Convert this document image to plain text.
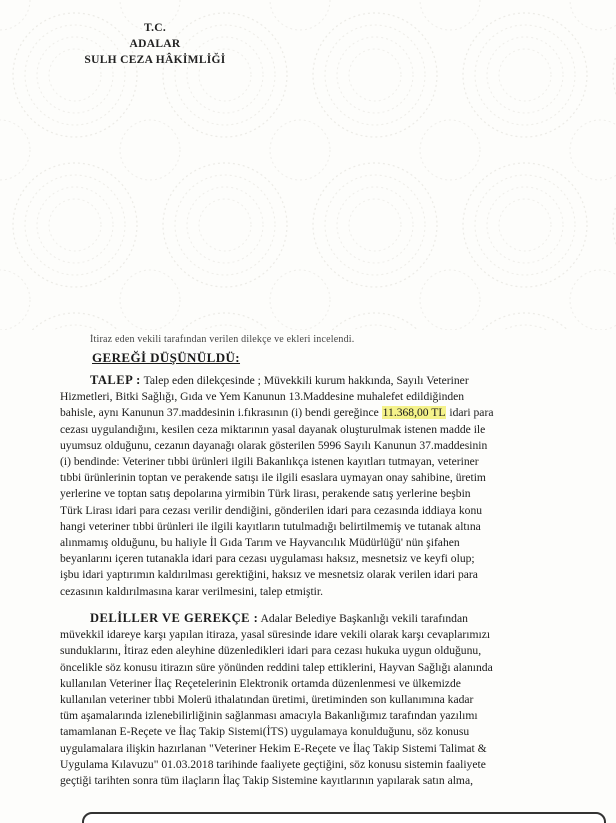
T.C.
ADALAR
SULH CEZA HÂKİMLİĞİ
İtiraz eden vekili tarafından verilen dilekçe ve ekleri incelendi.
GEREĞİ DÜŞÜNÜLDÜ:
TALEP : Talep eden dilekçesinde ; Müvekkili kurum hakkında, Sayılı Veteriner
Hizmetleri, Bitki Sağlığı, Gıda ve Yem Kanunun 13.Maddesine muhalefet edildiğinden
bahisle, aynı Kanunun 37.maddesinin i.fıkrasının (i) bendi gereğince 11.368,00 TL idari para
cezası uygulandığını, kesilen ceza miktarının yasal dayanak oluşturulmak istenen madde ile
uyumsuz olduğunu, cezanın dayanağı olarak gösterilen 5996 Sayılı Kanunun 37.maddesinin
(i) bendinde: Veteriner tıbbi ürünleri ilgili Bakanlıkça istenen kayıtları tutmayan, veteriner
tıbbi ürünlerinin toptan ve perakende satışı ile ilgili esaslara uymayan onay sahibine, üretim
yerlerine ve toptan satış depolarına yirmibin Türk lirası, perakende satış yerlerine beşbin
Türk Lirası idari para cezası verilir dendiğini, gönderilen idari para cezasında iddiaya konu
hangi veteriner tıbbi ürünleri ile ilgili kayıtların tutulmadığı belirtilmemiş ve tutanak altına
alınmamış olduğunu, bu haliyle İl Gıda Tarım ve Hayvancılık Müdürlüğü' nün şifahen
beyanlarını içeren tutanakla idari para cezası uygulaması haksız, mesnetsiz ve keyfi olup;
işbu idari yaptırımın kaldırılması gerektiğini, haksız ve mesnetsiz olarak verilen idari para
cezasının kaldırılmasına karar verilmesini, talep etmiştir.
DELİLLER VE GEREKÇE : Adalar Belediye Başkanlığı vekili tarafından
müvekkil idareye karşı yapılan itiraza, yasal süresinde idare vekili olarak karşı cevaplarımızı
sunduklarını, İtiraz eden aleyhine düzenledikleri idari para cezası hukuka uygun olduğunu,
öncelikle söz konusu itirazın süre yönünden reddini talep ettiklerini, Hayvan Sağlığı alanında
kullanılan Veteriner İlaç Reçetelerinin Elektronik ortamda düzenlenmesi ve ülkemizde
kullanılan veteriner tıbbi Molerü ithalatından üretimi, üretiminden son kullanımına kadar
tüm aşamalarında izlenebilirliğinin sağlanması amacıyla Bakanlığımız tarafından yazılımı
tamamlanan E-Reçete ve İlaç Takip Sistemi(İTS) uygulamaya konulduğunu, söz konusu
uygulamalara ilişkin hazırlanan "Veteriner Hekim E-Reçete ve İlaç Takip Sistemi Talimat &
Uygulama Kılavuzu" 01.03.2018 tarihinde faaliyete geçtiğini, söz konusu sistemin faaliyete
geçtiği tarihten sonra tüm ilaçların İlaç Takip Sistemine kayıtlarının yapılarak satın alma,
